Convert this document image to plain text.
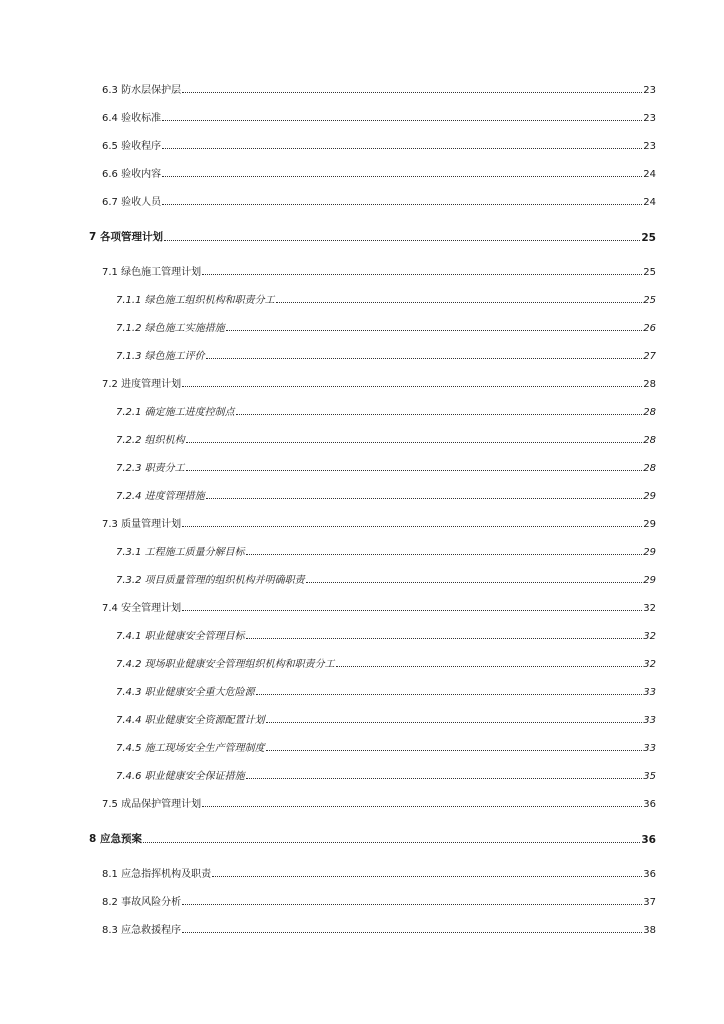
6.3 防水层保护层	23
6.4 验收标准	23
6.5 验收程序	23
6.6 验收内容	24
6.7 验收人员	24
7 各项管理计划	25
7.1 绿色施工管理计划	25
7.1.1 绿色施工组织机构和职责分工	25
7.1.2 绿色施工实施措施	26
7.1.3 绿色施工评价	27
7.2 进度管理计划	28
7.2.1 确定施工进度控制点	28
7.2.2 组织机构	28
7.2.3 职责分工	28
7.2.4 进度管理措施	29
7.3 质量管理计划	29
7.3.1 工程施工质量分解目标	29
7.3.2 项目质量管理的组织机构并明确职责	29
7.4 安全管理计划	32
7.4.1 职业健康安全管理目标	32
7.4.2 现场职业健康安全管理组织机构和职责分工	32
7.4.3 职业健康安全重大危险源	33
7.4.4 职业健康安全资源配置计划	33
7.4.5 施工现场安全生产管理制度	33
7.4.6 职业健康安全保证措施	35
7.5 成品保护管理计划	36
8 应急预案	36
8.1 应急指挥机构及职责	36
8.2 事故风险分析	37
8.3 应急救援程序	38
